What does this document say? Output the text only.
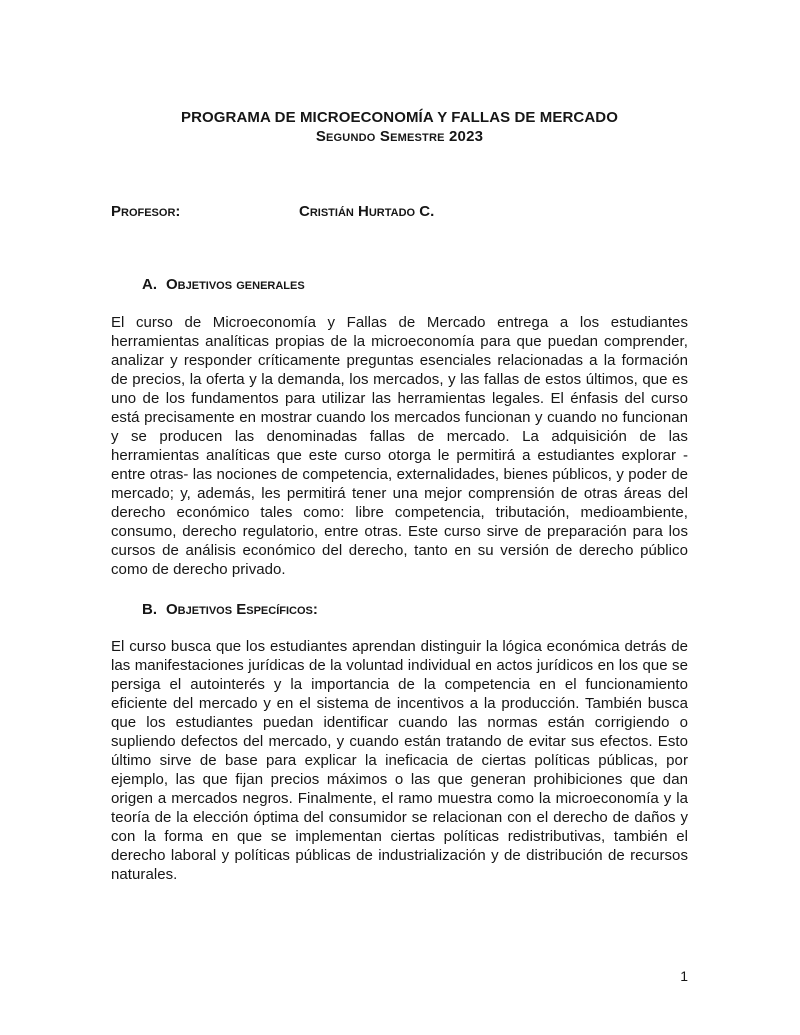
PROGRAMA DE MICROECONOMÍA Y FALLAS DE MERCADO
Segundo Semestre 2023
Profesor:	Cristián Hurtado C.
A. Objetivos generales

El curso de Microeconomía y Fallas de Mercado entrega a los estudiantes herramientas analíticas propias de la microeconomía para que puedan comprender, analizar y responder críticamente preguntas esenciales relacionadas a la formación de precios, la oferta y la demanda, los mercados, y las fallas de estos últimos, que es uno de los fundamentos para utilizar las herramientas legales. El énfasis del curso está precisamente en mostrar cuando los mercados funcionan y cuando no funcionan y se producen las denominadas fallas de mercado. La adquisición de las herramientas analíticas que este curso otorga le permitirá a estudiantes explorar - entre otras- las nociones de competencia, externalidades, bienes públicos, y poder de mercado; y, además, les permitirá tener una mejor comprensión de otras áreas del derecho económico tales como: libre competencia, tributación, medioambiente, consumo, derecho regulatorio, entre otras. Este curso sirve de preparación para los cursos de análisis económico del derecho, tanto en su versión de derecho público como de derecho privado.

B. Objetivos Específicos:

El curso busca que los estudiantes aprendan distinguir la lógica económica detrás de las manifestaciones jurídicas de la voluntad individual en actos jurídicos en los que se persiga el autointerés y la importancia de la competencia en el funcionamiento eficiente del mercado y en el sistema de incentivos a la producción. También busca que los estudiantes puedan identificar cuando las normas están corrigiendo o supliendo defectos del mercado, y cuando están tratando de evitar sus efectos. Esto último sirve de base para explicar la ineficacia de ciertas políticas públicas, por ejemplo, las que fijan precios máximos o las que generan prohibiciones que dan origen a mercados negros. Finalmente, el ramo muestra como la microeconomía y la teoría de la elección óptima del consumidor se relacionan con el derecho de daños y con la forma en que se implementan ciertas políticas redistributivas, también el derecho laboral y políticas públicas de industrialización y de distribución de recursos naturales.

1
